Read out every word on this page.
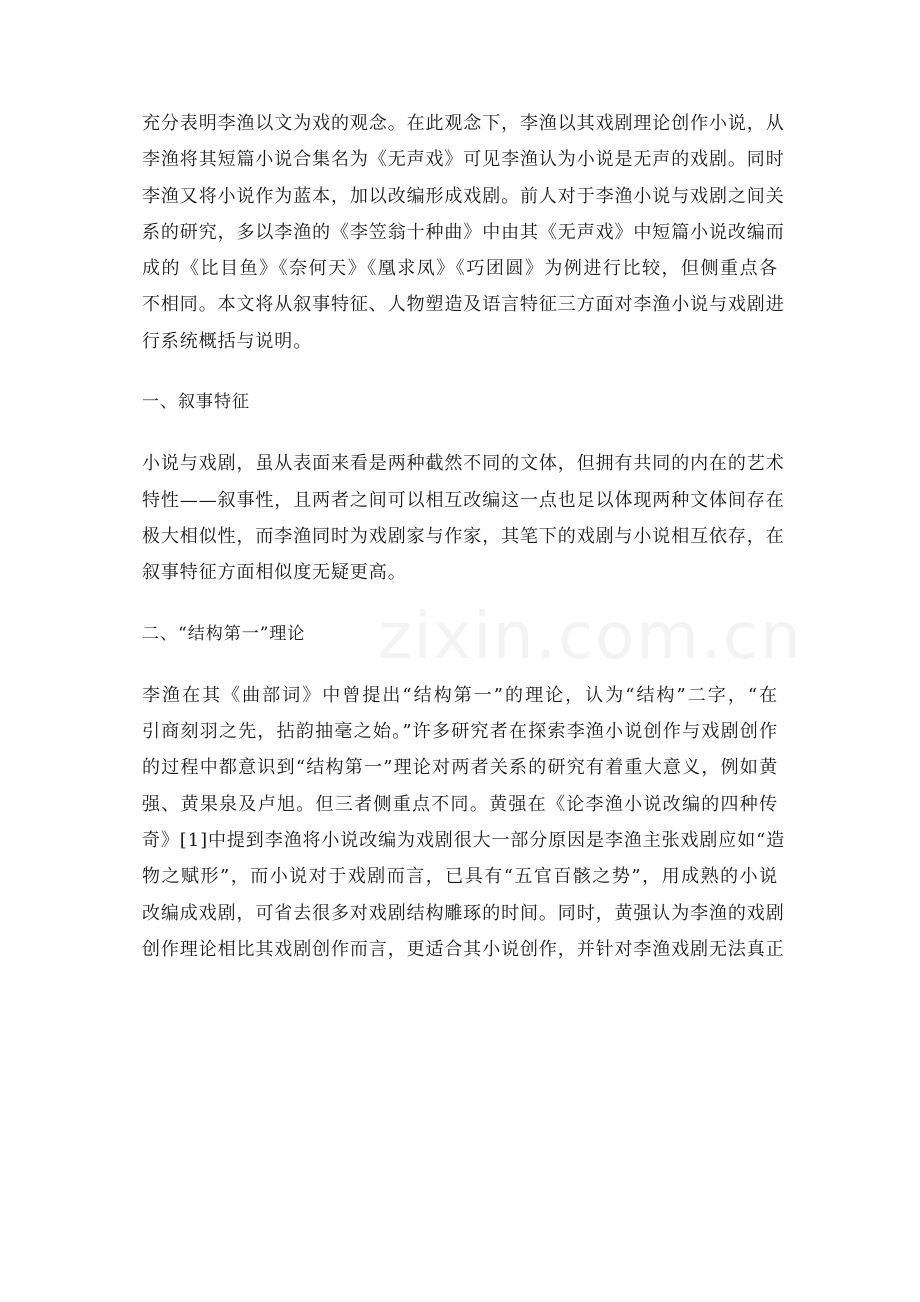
zixin.com.cn
充分表明李渔以文为戏的观念。在此观念下，李渔以其戏剧理论创作小说，从
李渔将其短篇小说合集名为《无声戏》可见李渔认为小说是无声的戏剧。同时
李渔又将小说作为蓝本，加以改编形成戏剧。前人对于李渔小说与戏剧之间关
系的研究，多以李渔的《李笠翁十种曲》中由其《无声戏》中短篇小说改编而
成的《比目鱼》《奈何天》《凰求凤》《巧团圆》为例进行比较，但侧重点各
不相同。本文将从叙事特征、人物塑造及语言特征三方面对李渔小说与戏剧进
行系统概括与说明。
一、叙事特征
小说与戏剧，虽从表面来看是两种截然不同的文体，但拥有共同的内在的艺术
特性——叙事性，且两者之间可以相互改编这一点也足以体现两种文体间存在
极大相似性，而李渔同时为戏剧家与作家，其笔下的戏剧与小说相互依存，在
叙事特征方面相似度无疑更高。
二、“结构第一”理论
李渔在其《曲部词》中曾提出“结构第一”的理论，认为“结构”二字，“在
引商刻羽之先，拈韵抽毫之始。”许多研究者在探索李渔小说创作与戏剧创作
的过程中都意识到“结构第一”理论对两者关系的研究有着重大意义，例如黄
强、黄果泉及卢旭。但三者侧重点不同。黄强在《论李渔小说改编的四种传
奇》[1]中提到李渔将小说改编为戏剧很大一部分原因是李渔主张戏剧应如“造
物之赋形”，而小说对于戏剧而言，已具有“五官百骸之势”，用成熟的小说
改编成戏剧，可省去很多对戏剧结构雕琢的时间。同时，黄强认为李渔的戏剧
创作理论相比其戏剧创作而言，更适合其小说创作，并针对李渔戏剧无法真正
